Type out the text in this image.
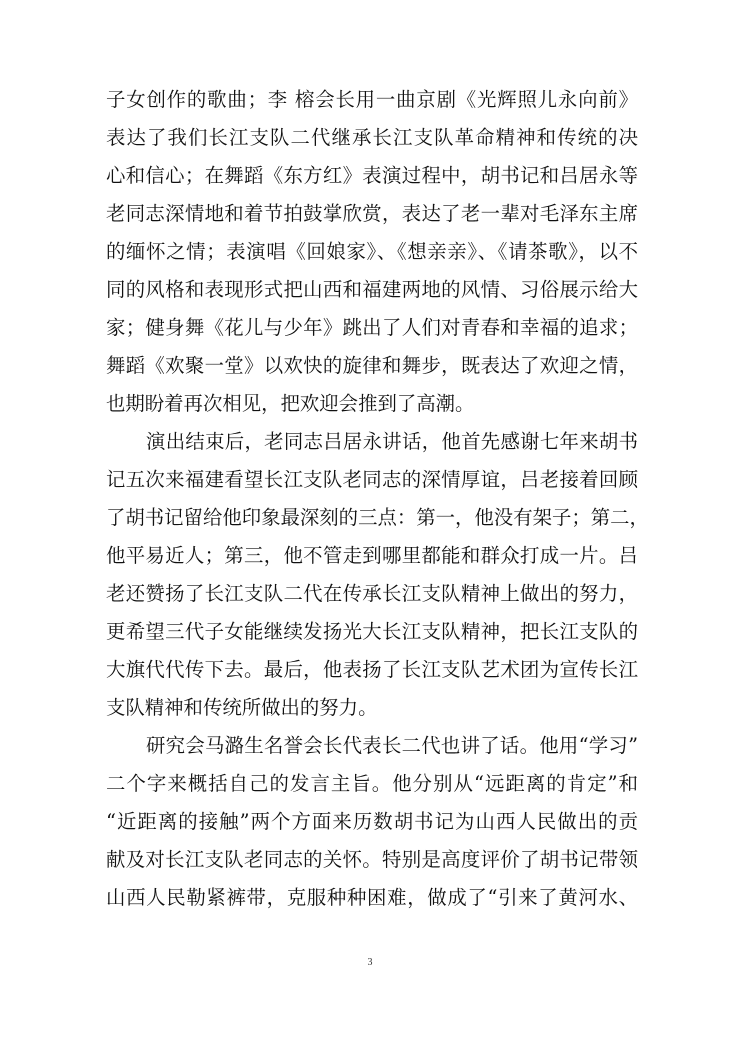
子女创作的歌曲；李 榕会长用一曲京剧《光辉照儿永向前》
表达了我们长江支队二代继承长江支队革命精神和传统的决
心和信心；在舞蹈《东方红》表演过程中，胡书记和吕居永等
老同志深情地和着节拍鼓掌欣赏，表达了老一辈对毛泽东主席
的缅怀之情；表演唱《回娘家》、《想亲亲》、《请茶歌》，以不
同的风格和表现形式把山西和福建两地的风情、习俗展示给大
家；健身舞《花儿与少年》跳出了人们对青春和幸福的追求；
舞蹈《欢聚一堂》以欢快的旋律和舞步，既表达了欢迎之情，
也期盼着再次相见，把欢迎会推到了高潮。
演出结束后，老同志吕居永讲话，他首先感谢七年来胡书
记五次来福建看望长江支队老同志的深情厚谊，吕老接着回顾
了胡书记留给他印象最深刻的三点：第一，他没有架子；第二，
他平易近人；第三，他不管走到哪里都能和群众打成一片。吕
老还赞扬了长江支队二代在传承长江支队精神上做出的努力，
更希望三代子女能继续发扬光大长江支队精神，把长江支队的
大旗代代传下去。最后，他表扬了长江支队艺术团为宣传长江
支队精神和传统所做出的努力。
研究会马潞生名誉会长代表长二代也讲了话。他用“学习”
二个字来概括自己的发言主旨。他分别从“远距离的肯定”和
“近距离的接触”两个方面来历数胡书记为山西人民做出的贡
献及对长江支队老同志的关怀。特别是高度评价了胡书记带领
山西人民勒紧裤带，克服种种困难，做成了“引来了黄河水、
3
